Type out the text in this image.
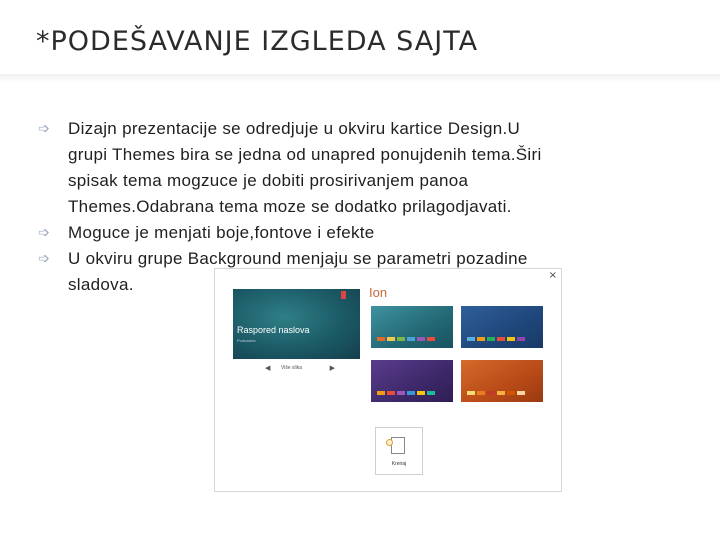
*PODEŠAVANJE IZGLEDA SAJTA
➩ Dizajn prezentacije se odredjuje u okviru kartice Design.U
grupi Themes bira se jedna od unapred ponujdenih tema.Širi
spisak tema mogzuce je dobiti prosirivanjem panoa
Themes.Odabrana tema moze se dodatko prilagodjavati.
➩ Moguce je menjati boje,fontove i efekte
➩ U okviru grupe Background menjaju se parametri pozadine
sladova.	×
Ion
Raspored naslova
Podnaslov
◀ Više slika	▶
Kreiraj
